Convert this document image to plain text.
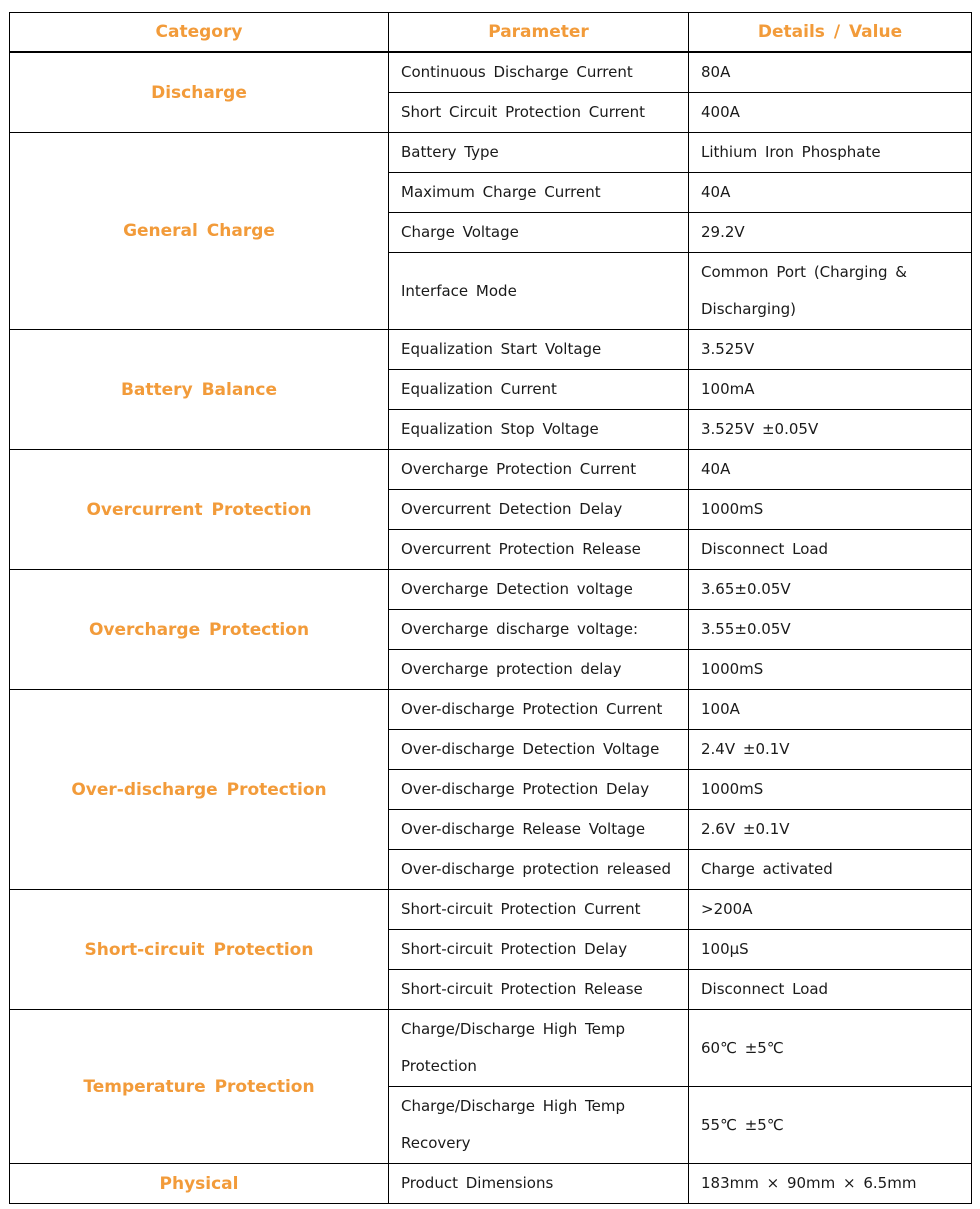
Category	Parameter	Details / Value
Discharge	Continuous Discharge Current	80A
	Short Circuit Protection Current	400A
General Charge	Battery Type	Lithium Iron Phosphate
	Maximum Charge Current	40A
	Charge Voltage	29.2V
	Interface Mode	Common Port (Charging & Discharging)
Battery Balance	Equalization Start Voltage	3.525V
	Equalization Current	100mA
	Equalization Stop Voltage	3.525V ±0.05V
Overcurrent Protection	Overcharge Protection Current	40A
	Overcurrent Detection Delay	1000mS
	Overcurrent Protection Release	Disconnect Load
Overcharge Protection	Overcharge Detection voltage	3.65±0.05V
	Overcharge discharge voltage:	3.55±0.05V
	Overcharge protection delay	1000mS
Over-discharge Protection	Over-discharge Protection Current	100A
	Over-discharge Detection Voltage	2.4V ±0.1V
	Over-discharge Protection Delay	1000mS
	Over-discharge Release Voltage	2.6V ±0.1V
	Over-discharge protection released	Charge activated
Short-circuit Protection	Short-circuit Protection Current	>200A
	Short-circuit Protection Delay	100μS
	Short-circuit Protection Release	Disconnect Load
Temperature Protection	Charge/Discharge High Temp Protection	60℃ ±5℃
	Charge/Discharge High Temp Recovery	55℃ ±5℃
Physical	Product Dimensions	183mm × 90mm × 6.5mm
